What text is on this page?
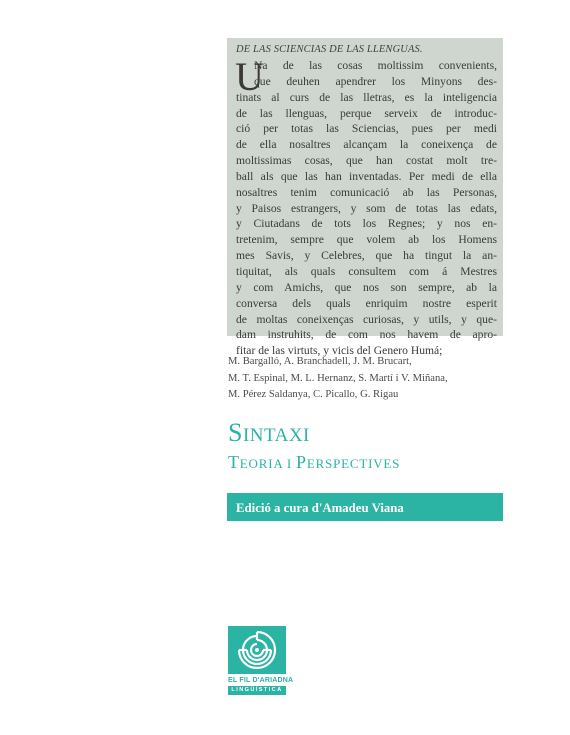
DE LAS SCIENCIAS DE LAS LLENGUAS.
U

Na de las cosas moltissim convenients,
que deuhen apendrer los Minyons des-
tinats al curs de las lletras, es la inteligencia
de las llenguas, perque serveix de introduc-
ció per totas las Sciencias, pues per medi
de ella nosaltres alcançam la coneixença de
moltissimas cosas, que han costat molt tre-
ball als que las han inventadas. Per medi de ella
nosaltres tenim comunicació ab las Personas,
y Paisos estrangers, y som de totas las edats,
y Ciutadans de tots los Regnes; y nos en-
tretenim, sempre que volem ab los Homens
mes Savis, y Celebres, que ha tingut la an-
tiquitat, als quals consultem com á Mestres
y com Amichs, que nos son sempre, ab la
conversa dels quals enriquim nostre esperit
de moltas coneixenças curiosas, y utils, y que-
dam instruhits, de com nos havem de apro-
fitar de las virtuts, y vicis del Genero Humá;

M. Bargalló, A. Branchadell, J. M. Brucart,
M. T. Espinal, M. L. Hernanz, S. Martí i V. Miñana,
M. Pérez Saldanya, C. Picallo, G. Rigau
SINTAXI
TEORIA I PERSPECTIVES
Edició a cura d'Amadeu Viana
EL FIL D'ARIADNA
LINGÜÍSTICA
